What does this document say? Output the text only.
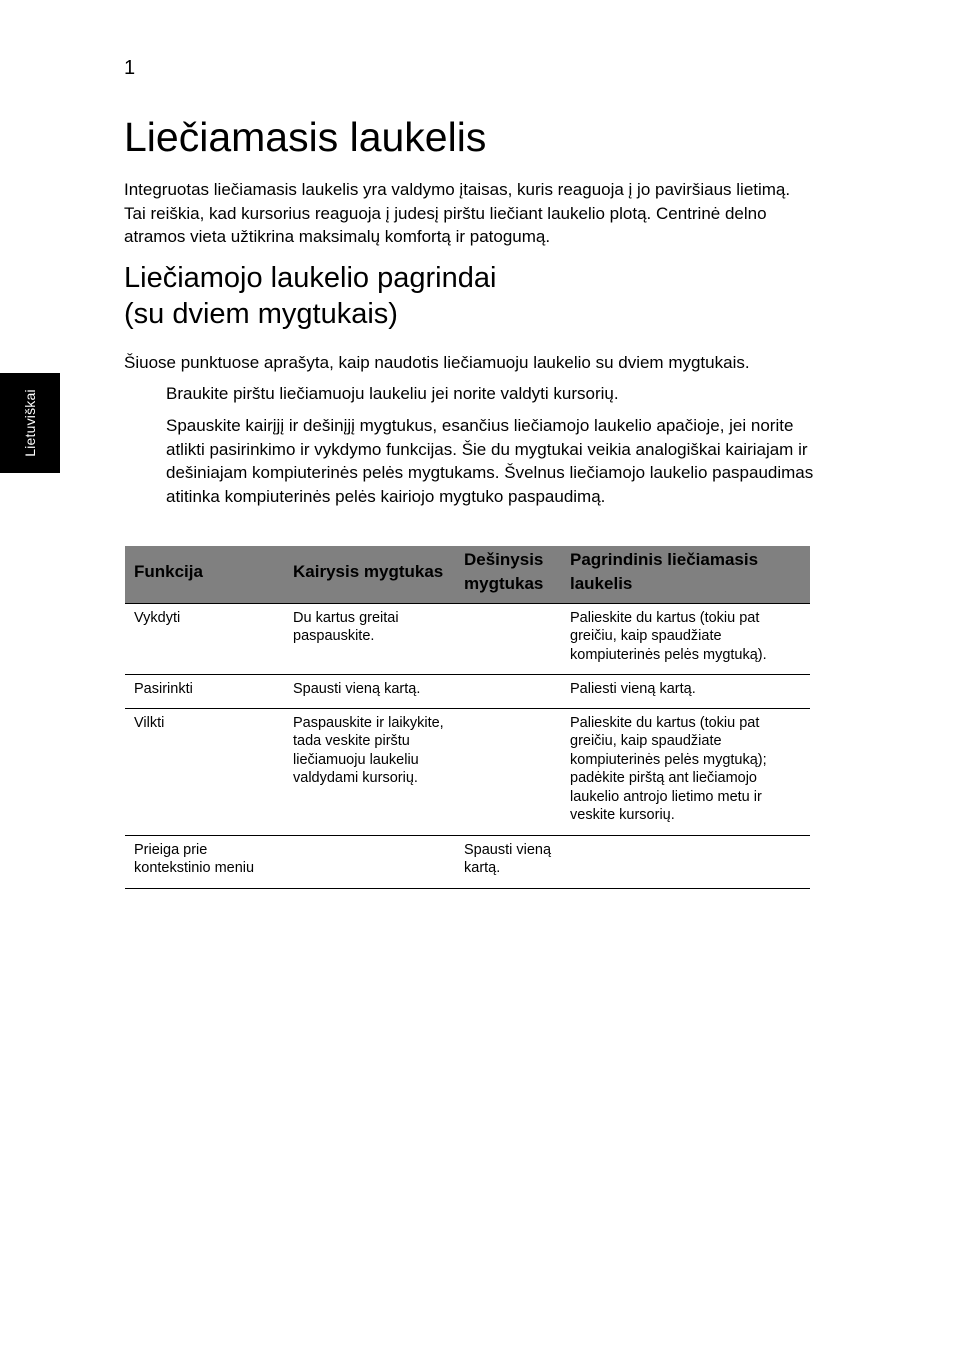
1
Lietuviškai
Liečiamasis laukelis

Integruotas liečiamasis laukelis yra valdymo įtaisas, kuris reaguoja į jo paviršiaus lietimą. Tai reiškia, kad kursorius reaguoja į judesį pirštu liečiant laukelio plotą. Centrinė delno atramos vieta užtikrina maksimalų komfortą ir patogumą.

Liečiamojo laukelio pagrindai
(su dviem mygtukais)

Šiuose punktuose aprašyta, kaip naudotis liečiamuoju laukelio su dviem mygtukais.

Braukite pirštu liečiamuoju laukeliu jei norite valdyti kursorių.

Spauskite kairįjį ir dešinįjį mygtukus, esančius liečiamojo laukelio apačioje, jei norite atlikti pasirinkimo ir vykdymo funkcijas. Šie du mygtukai veikia analogiškai kairiajam ir dešiniajam kompiuterinės pelės mygtukams. Švelnus liečiamojo laukelio paspaudimas atitinka kompiuterinės pelės kairiojo mygtuko paspaudimą.

Funkcija	Kairysis mygtukas	Dešinysis mygtukas	Pagrindinis liečiamasis laukelis
Vykdyti	Du kartus greitai paspauskite.		Palieskite du kartus (tokiu pat greičiu, kaip spaudžiate kompiuterinės pelės mygtuką).
Pasirinkti	Spausti vieną kartą.		Paliesti vieną kartą.
Vilkti	Paspauskite ir laikykite, tada veskite pirštu liečiamuoju laukeliu valdydami kursorių.		Palieskite du kartus (tokiu pat greičiu, kaip spaudžiate kompiuterinės pelės mygtuką); padėkite pirštą ant liečiamojo laukelio antrojo lietimo metu ir veskite kursorių.
Prieiga prie kontekstinio meniu		Spausti vieną kartą.	
